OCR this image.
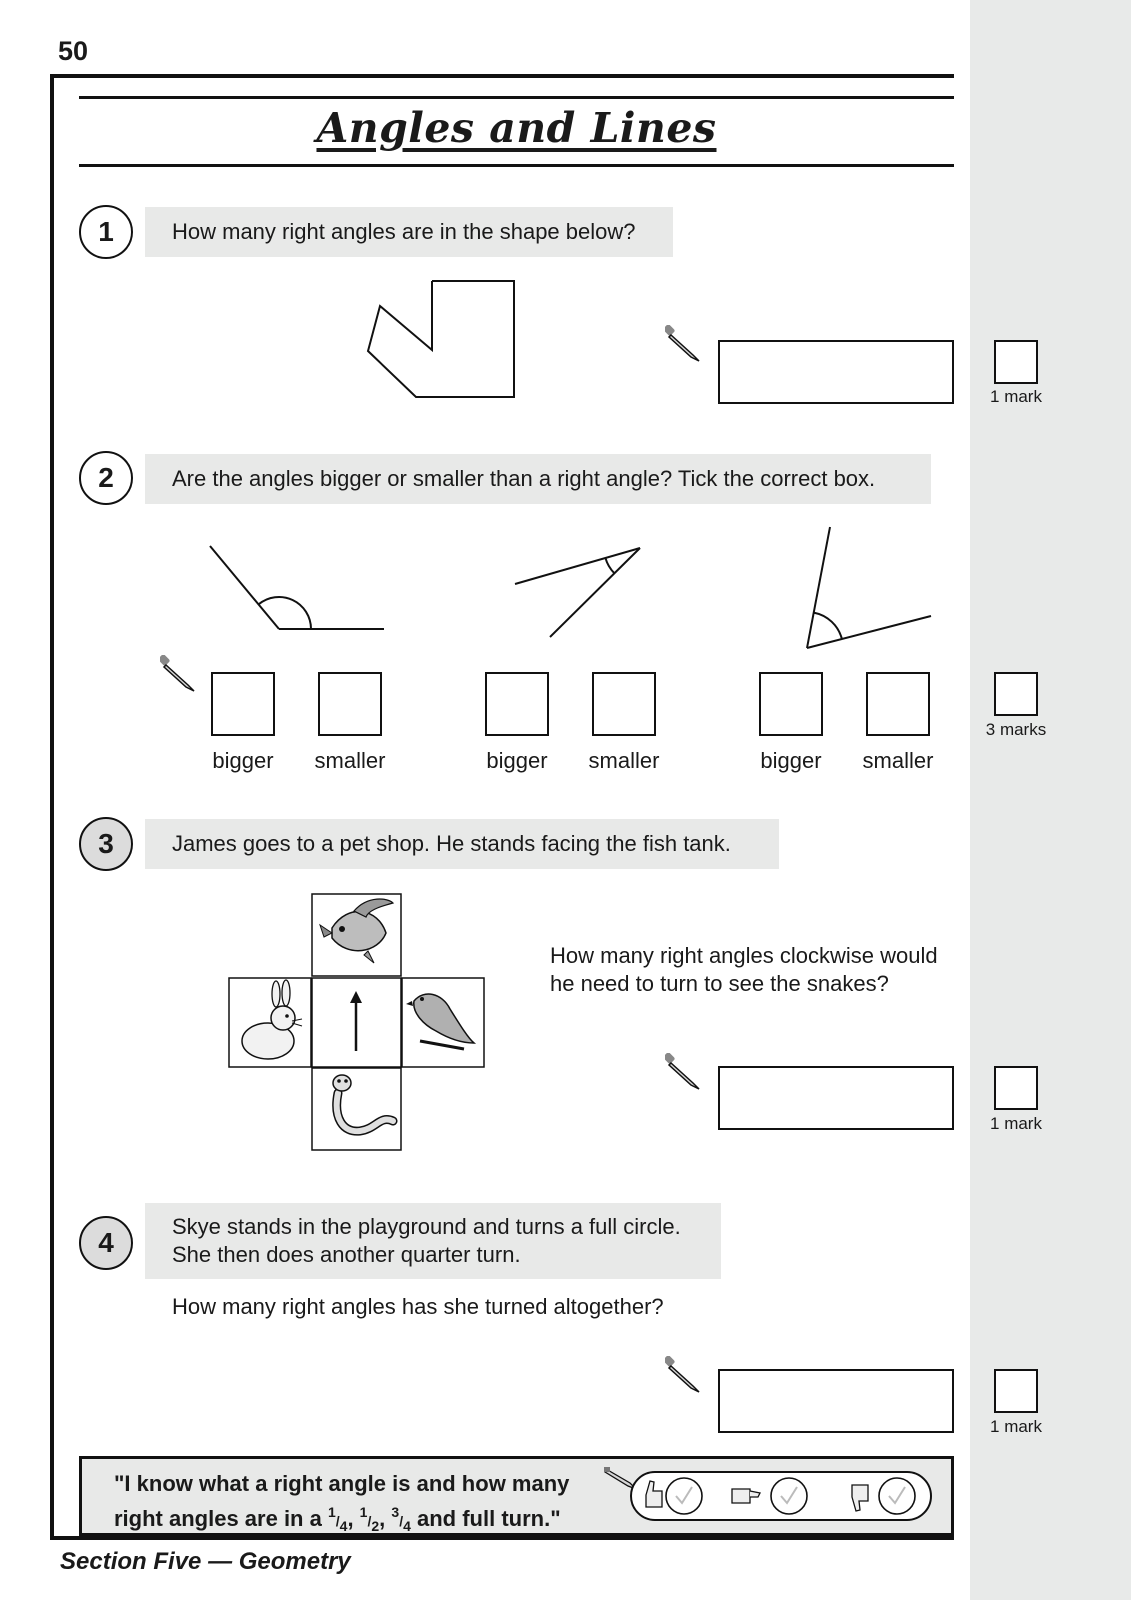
50
Angles and Lines
1	How many right angles are in the shape below?
1 mark
2	Are the angles bigger or smaller than a right angle? Tick the correct box.
bigger	smaller	bigger	smaller	bigger	smaller
3 marks
3	James goes to a pet shop. He stands facing the fish tank.
How many right angles clockwise would
he need to turn to see the snakes?
1 mark
4
Skye stands in the playground and turns a full circle.
She then does another quarter turn.
How many right angles has she turned altogether?
1 mark
"I know what a right angle is and how many
right angles are in a 1/4, 1/2, 3/4 and full turn."
Section Five — Geometry
